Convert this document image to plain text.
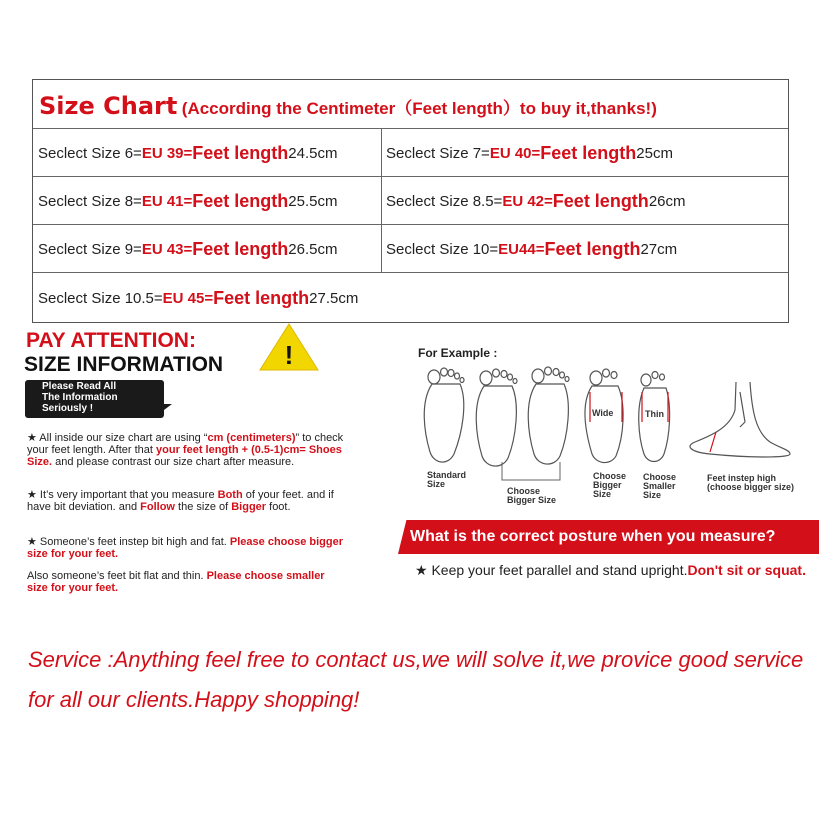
Size Chart (According the Centimeter（Feet length）to buy it,thanks!)
Seclect Size 6= EU 39 = Feet length 24.5cm	Seclect Size 7= EU 40 = Feet length 25cm
Seclect Size 8= EU 41 = Feet length 25.5cm	Seclect Size 8.5= EU 42 = Feet length 26cm
Seclect Size 9= EU 43 = Feet length 26.5cm	Seclect Size 10= EU44 = Feet length 27cm
Seclect Size 10.5= EU 45 = Feet length 27.5cm
PAY ATTENTION:
SIZE INFORMATION !
Please Read All
The Information
Seriously !
★ All inside our size chart are using “cm (centimeters)” to check your feet length. After that your feet length + (0.5-1)cm= Shoes Size. and please contrast our size chart after measure.
★ It’s very important that you measure Both of your feet. and if have bit deviation. and Follow the size of Bigger foot.
★ Someone’s feet instep bit high and fat. Please choose bigger size for your feet.
Also someone’s feet bit flat and thin. Please choose smaller size for your feet.
For Example :
Standard
Size
Choose
Bigger Size
Wide	Thin
Choose
Bigger
Size
Choose
Smaller
Size
Feet instep high
(choose bigger size)
What is the correct posture when you measure?
★ Keep your feet parallel and stand upright.Don't sit or squat.
Service :Anything feel free to contact us,we will solve it,we provice good service for all our clients.Happy shopping!
